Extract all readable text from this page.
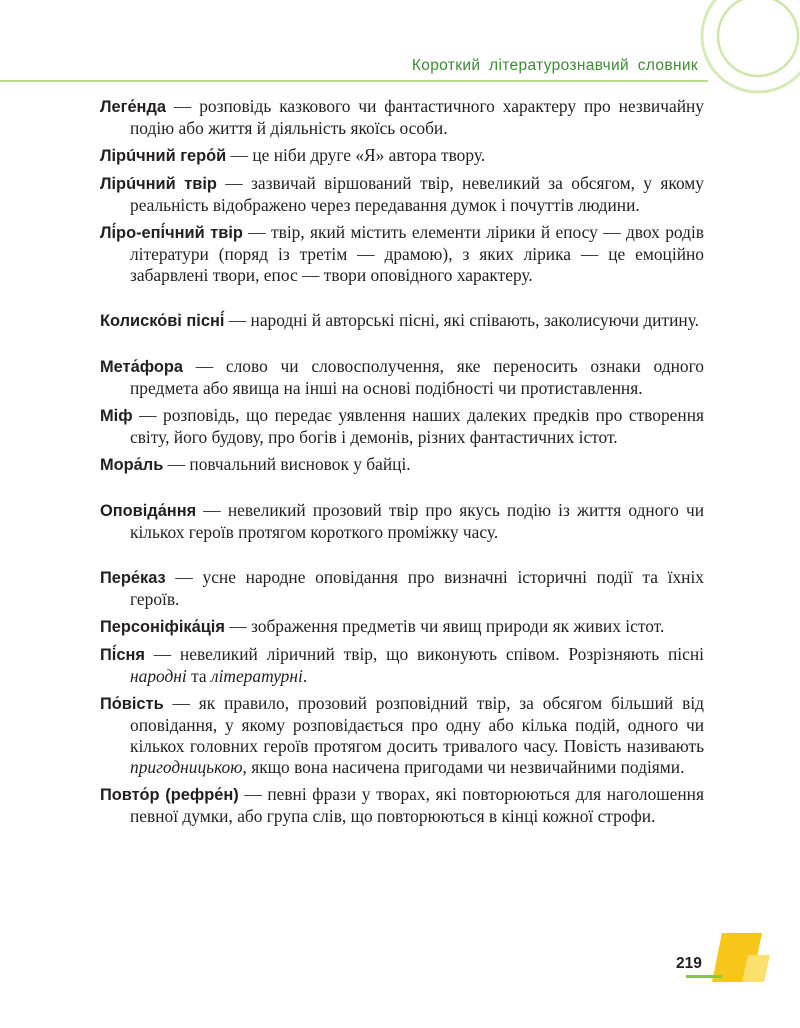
Короткий літературознавчий словник

Леге́нда — розповідь казкового чи фантастичного характеру про незвичайну подію або життя й діяльність якоїсь особи.

Лірúчний геро́й — це ніби друге «Я» автора твору.

Лірúчний твір — зазвичай віршований твір, невеликий за обсягом, у якому реальність відображено через передавання думок і почуттів людини.

Лі́ро-епі́чний твір — твір, який містить елементи лірики й епосу — двох родів літератури (поряд із третім — драмою), з яких лірика — це емоційно забарвлені твори, епос — твори оповідного характеру.

Колиско́ві пісні́ — народні й авторські пісні, які співають, заколисуючи дитину.

Мета́фора — слово чи словосполучення, яке переносить ознаки одного предмета або явища на інші на основі подібності чи протиставлення.

Міф — розповідь, що передає уявлення наших далеких предків про створення світу, його будову, про богів і демонів, різних фантастичних істот.

Мора́ль — повчальний висновок у байці.

Оповіда́ння — невеликий прозовий твір про якусь подію із життя одного чи кількох героїв протягом короткого проміжку часу.

Пере́каз — усне народне оповідання про визначні історичні події та їхніх героїв.

Персоніфіка́ція — зображення предметів чи явищ природи як живих істот.

Пі́сня — невеликий ліричний твір, що виконують співом. Розрізняють пісні народні та літературні.

По́вість — як правило, прозовий розповідний твір, за обсягом більший від оповідання, у якому розповідається про одну або кілька подій, одного чи кількох головних героїв протягом досить тривалого часу. Повість називають пригодницькою, якщо вона насичена пригодами чи незвичайними подіями.

Повто́р (рефре́н) — певні фрази у творах, які повторюються для наголошення певної думки, або група слів, що повторюються в кінці кожної строфи.

219
